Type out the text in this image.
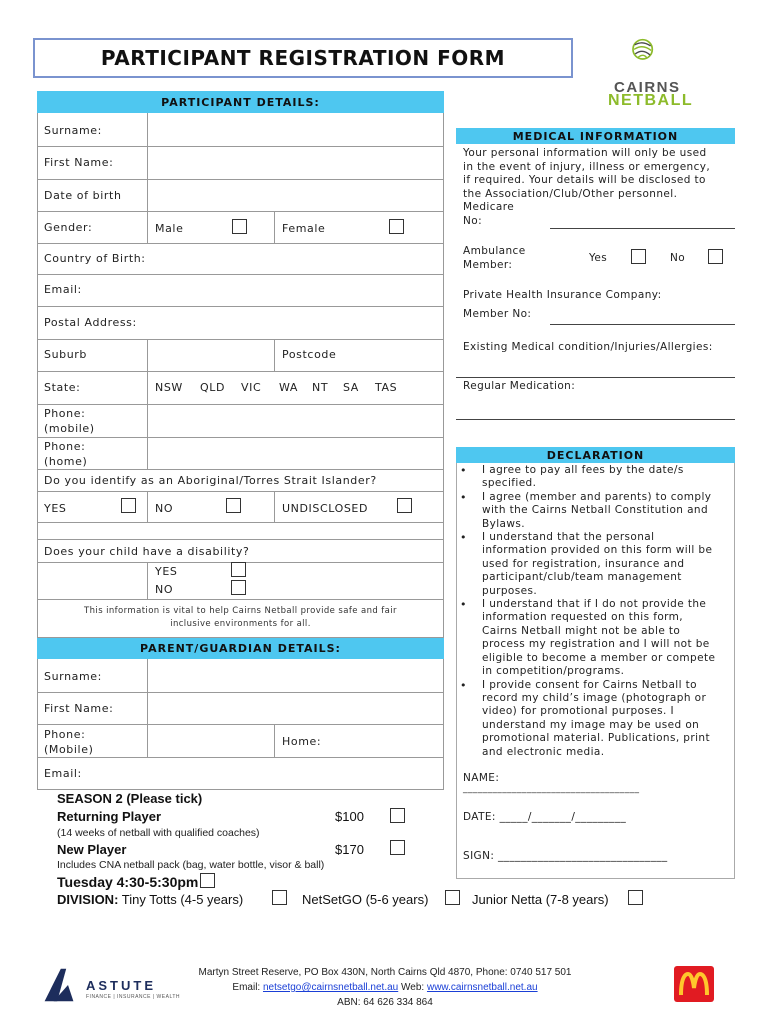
PARTICIPANT REGISTRATION FORM
CAIRNS
NETBALL
PARTICIPANT DETAILS:
Surname:
First Name:
Date of birth
Gender:	Male	Female
Country of Birth:
Email:
Postal Address:
Suburb	Postcode
State:	NSW QLD VIC WA NT SA TAS
Phone:
(mobile)
Phone:
(home)
Do you identify as an Aboriginal/Torres Strait Islander?
YES	NO	UNDISCLOSED
Does your child have a disability?
YES
NO
This information is vital to help Cairns Netball provide safe and fair
inclusive environments for all.
PARENT/GUARDIAN DETAILS:
Surname:
First Name:
Phone:
(Mobile)
Home:
Email:
MEDICAL INFORMATION
Your personal information will only be used
in the event of injury, illness or emergency,
if required. Your details will be disclosed to
the Association/Club/Other personnel.
Medicare
No:
Ambulance
Member:
Yes	No
Private Health Insurance Company:
Member No:
Existing Medical condition/Injuries/Allergies:
Regular Medication:
DECLARATION
• I agree to pay all fees by the date/s
specified.
• I agree (member and parents) to comply
with the Cairns Netball Constitution and
Bylaws.
• I understand that the personal
information provided on this form will be
used for registration, insurance and
participant/club/team management
purposes.
• I understand that if I do not provide the
information requested on this form,
Cairns Netball might not be able to
process my registration and I will not be
eligible to become a member or compete
in competition/programs.
• I provide consent for Cairns Netball to
record my child’s image (photograph or
video) for promotional purposes. I
understand my image may be used on
promotional material. Publications, print
and electronic media.
NAME:
____________________________________
DATE: _____/_______/_________
SIGN: ______________________________
SEASON 2 (Please tick)
Returning Player	$100
(14 weeks of netball with qualified coaches)
New Player	$170
Includes CNA netball pack (bag, water bottle, visor & ball)
Tuesday 4:30-5:30pm
DIVISION: Tiny Totts (4-5 years)	NetSetGO (5-6 years)	Junior Netta (7-8 years)
ASTUTE
FINANCE | INSURANCE | WEALTH
Martyn Street Reserve, PO Box 430N, North Cairns Qld 4870, Phone: 0740 517 501
Email: netsetgo@cairnsnetball.net.au Web: www.cairnsnetball.net.au
ABN: 64 626 334 864
